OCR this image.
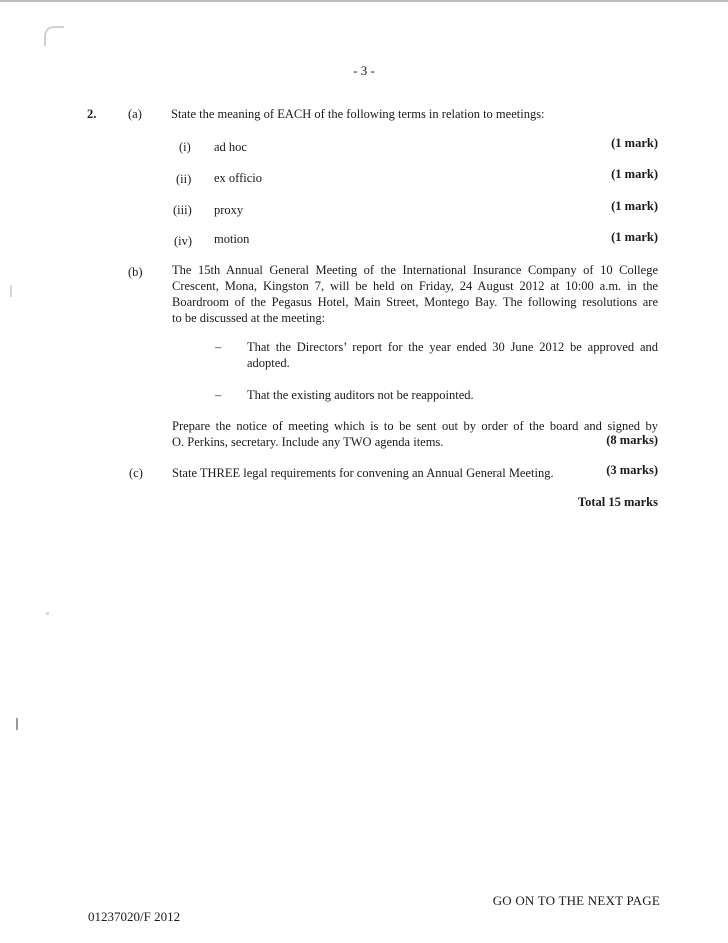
- 3 -
2.	(a) State the meaning of EACH of the following terms in relation to meetings:
(i) ad hoc	(1 mark)
(ii) ex officio	(1 mark)
(iii) proxy	(1 mark)
(iv) motion	(1 mark)
(b) The 15th Annual General Meeting of the International Insurance Company of 10 College
Crescent, Mona, Kingston 7, will be held on Friday, 24 August 2012 at 10:00 a.m. in the
Boardroom of the Pegasus Hotel, Main Street, Montego Bay. The following resolutions are
to be discussed at the meeting:
– That the Directors’ report for the year ended 30 June 2012 be approved and
adopted.
– That the existing auditors not be reappointed.
Prepare the notice of meeting which is to be sent out by order of the board and signed by
O. Perkins, secretary. Include any TWO agenda items.	(8 marks)
(c) State THREE legal requirements for convening an Annual General Meeting.	(3 marks)
Total 15 marks
GO ON TO THE NEXT PAGE
01237020/F 2012
